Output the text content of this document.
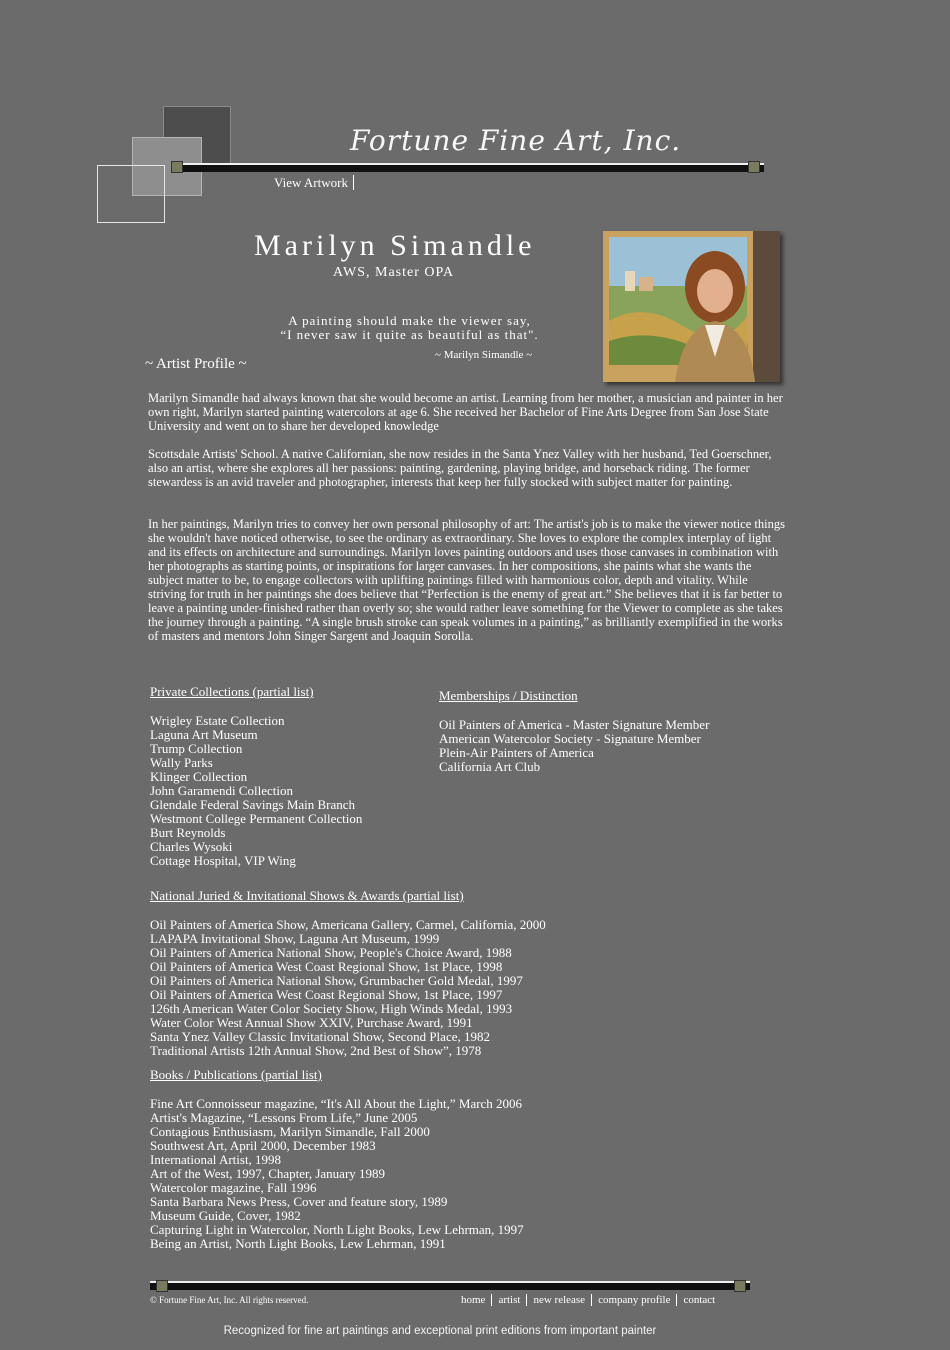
Fortune Fine Art, Inc.
View Artwork
Marilyn Simandle
AWS, Master OPA
A painting should make the viewer say,
“I never saw it quite as beautiful as that".
~ Marilyn Simandle ~
~ Artist Profile ~
Marilyn Simandle had always known that she would become an artist. Learning from her mother, a musician and painter in her own right, Marilyn started painting watercolors at age 6. She received her Bachelor of Fine Arts Degree from San Jose State University and went on to share her developed knowledge
Scottsdale Artists' School. A native Californian, she now resides in the Santa Ynez Valley with her husband, Ted Goerschner, also an artist, where she explores all her passions: painting, gardening, playing bridge, and horseback riding. The former stewardess is an avid traveler and photographer, interests that keep her fully stocked with subject matter for painting.
In her paintings, Marilyn tries to convey her own personal philosophy of art: The artist's job is to make the viewer notice things she wouldn't have noticed otherwise, to see the ordinary as extraordinary. She loves to explore the complex interplay of light and its effects on architecture and surroundings. Marilyn loves painting outdoors and uses those canvases in combination with her photographs as starting points, or inspirations for larger canvases. In her compositions, she paints what she wants the subject matter to be, to engage collectors with uplifting paintings filled with harmonious color, depth and vitality. While striving for truth in her paintings she does believe that “Perfection is the enemy of great art.” She believes that it is far better to leave a painting under-finished rather than overly so; she would rather leave something for the Viewer to complete as she takes the journey through a painting. “A single brush stroke can speak volumes in a painting,” as brilliantly exemplified in the works of masters and mentors John Singer Sargent and Joaquin Sorolla.
Private Collections (partial list)
Wrigley Estate Collection
Laguna Art Museum
Trump Collection
Wally Parks
Klinger Collection
John Garamendi Collection
Glendale Federal Savings Main Branch
Westmont College Permanent Collection
Burt Reynolds
Charles Wysoki
Cottage Hospital, VIP Wing
Memberships / Distinction
Oil Painters of America - Master Signature Member
American Watercolor Society - Signature Member
Plein-Air Painters of America
California Art Club
National Juried & Invitational Shows & Awards (partial list)
Oil Painters of America Show, Americana Gallery, Carmel, California, 2000
LAPAPA Invitational Show, Laguna Art Museum, 1999
Oil Painters of America National Show, People's Choice Award, 1988
Oil Painters of America West Coast Regional Show, 1st Place, 1998
Oil Painters of America National Show, Grumbacher Gold Medal, 1997
Oil Painters of America West Coast Regional Show, 1st Place, 1997
126th American Water Color Society Show, High Winds Medal, 1993
Water Color West Annual Show XXIV, Purchase Award, 1991
Santa Ynez Valley Classic Invitational Show, Second Place, 1982
Traditional Artists 12th Annual Show, 2nd Best of Show”, 1978
Books / Publications (partial list)
Fine Art Connoisseur magazine, “It's All About the Light,” March 2006
Artist's Magazine, “Lessons From Life,” June 2005
Contagious Enthusiasm, Marilyn Simandle, Fall 2000
Southwest Art, April 2000, December 1983
International Artist, 1998
Art of the West, 1997, Chapter, January 1989
Watercolor magazine, Fall 1996
Santa Barbara News Press, Cover and feature story, 1989
Museum Guide, Cover, 1982
Capturing Light in Watercolor, North Light Books, Lew Lehrman, 1997
Being an Artist, North Light Books, Lew Lehrman, 1991
© Fortune Fine Art, Inc. All rights reserved.	home artist new release company profile contact
Recognized for fine art paintings and exceptional print editions from important painter
